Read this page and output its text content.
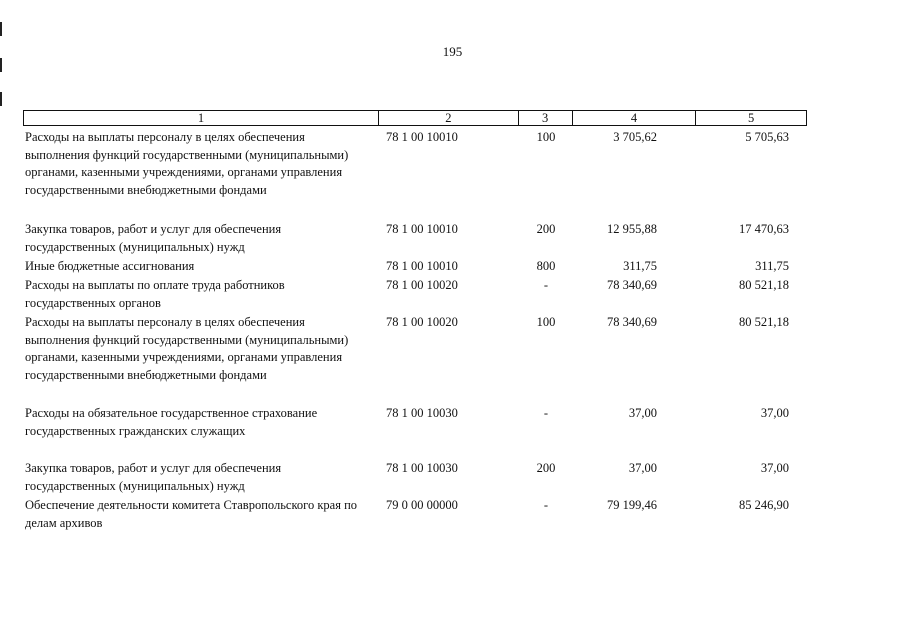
195
1	2	3	4	5
Расходы на выплаты персоналу в целях обеспечения выполнения функций государственными (муниципальными) органами, казенными учреждениями, органами управления государственными внебюджетными фондами
78 1 00 10010	100	3 705,62	5 705,63
Закупка товаров, работ и услуг для обеспечения государственных (муниципальных) нужд
78 1 00 10010	200	12 955,88	17 470,63
Иные бюджетные ассигнования	78 1 00 10010	800	311,75	311,75
Расходы на выплаты по оплате труда работников государственных органов
78 1 00 10020	-	78 340,69	80 521,18
Расходы на выплаты персоналу в целях обеспечения выполнения функций государственными (муниципальными) органами, казенными учреждениями, органами управления государственными внебюджетными фондами
78 1 00 10020	100	78 340,69	80 521,18
Расходы на обязательное государственное страхование государственных гражданских служащих
78 1 00 10030	-	37,00	37,00
Закупка товаров, работ и услуг для обеспечения государственных (муниципальных) нужд
78 1 00 10030	200	37,00	37,00
Обеспечение деятельности комитета Ставропольского края по делам архивов
79 0 00 00000	-	79 199,46	85 246,90
